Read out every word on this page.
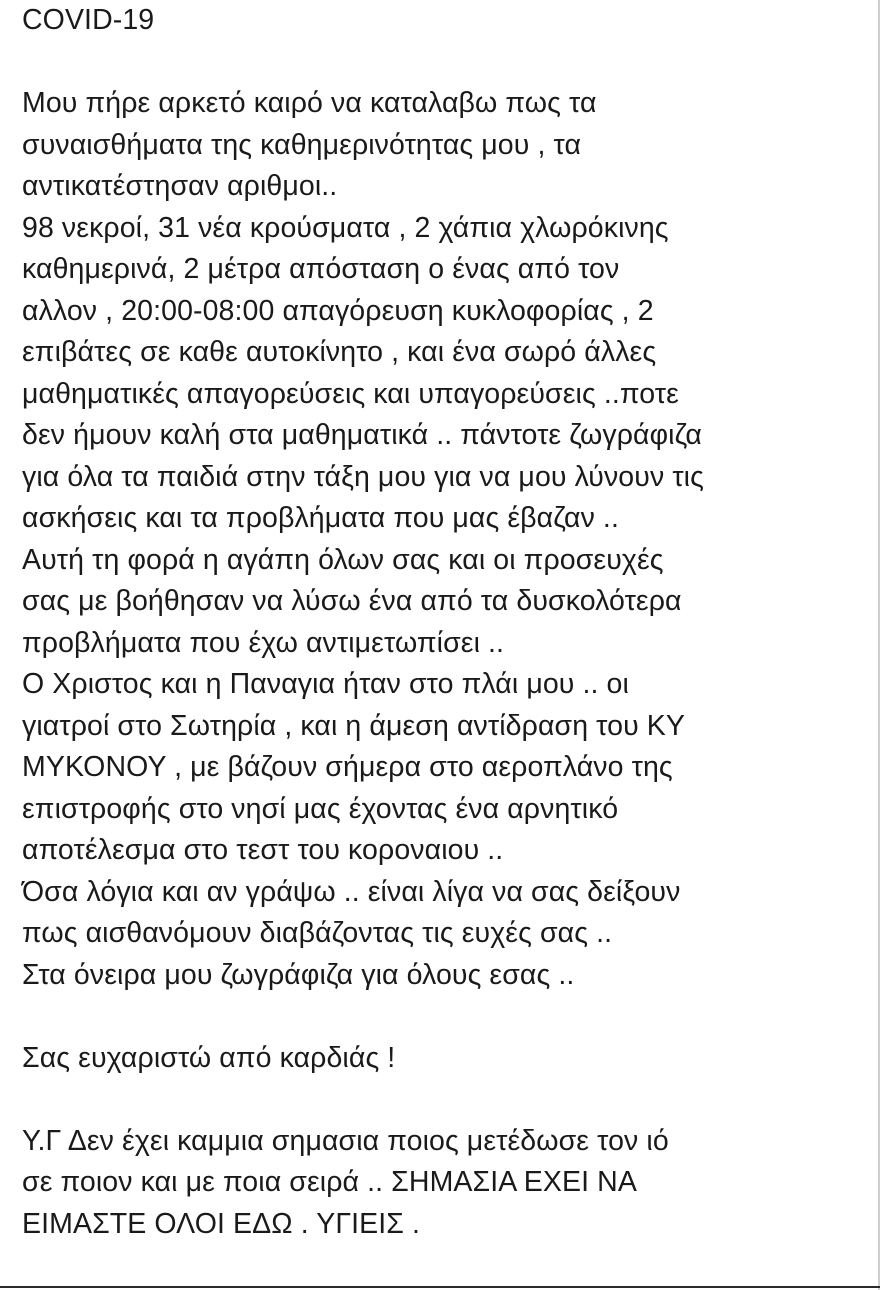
COVID-19
Μου πήρε αρκετό καιρό να καταλαβω πως τα
συναισθήματα της καθημερινότητας μου , τα
αντικατέστησαν αριθμοι..
98 νεκροί, 31 νέα κρούσματα , 2 χάπια χλωρόκινης
καθημερινά, 2 μέτρα απόσταση ο ένας από τον
αλλον , 20:00-08:00 απαγόρευση κυκλοφορίας , 2
επιβάτες σε καθε αυτοκίνητο , και ένα σωρό άλλες
μαθηματικές απαγορεύσεις και υπαγορεύσεις ..ποτε
δεν ήμουν καλή στα μαθηματικά .. πάντοτε ζωγράφιζα
για όλα τα παιδιά στην τάξη μου για να μου λύνουν τις
ασκήσεις και τα προβλήματα που μας έβαζαν ..
Αυτή τη φορά η αγάπη όλων σας και οι προσευχές
σας με βοήθησαν να λύσω ένα από τα δυσκολότερα
προβλήματα που έχω αντιμετωπίσει ..
Ο Χριστος και η Παναγια ήταν στο πλάι μου .. οι
γιατροί στο Σωτηρία , και η άμεση αντίδραση του ΚΥ
ΜΥΚΟΝΟΥ , με βάζουν σήμερα στο αεροπλάνο της
επιστροφής στο νησί μας έχοντας ένα αρνητικό
αποτέλεσμα στο τεστ του κοροναιου ..
Όσα λόγια και αν γράψω .. είναι λίγα να σας δείξουν
πως αισθανόμουν διαβάζοντας τις ευχές σας ..
Στα όνειρα μου ζωγράφιζα για όλους εσας ..
Σας ευχαριστώ από καρδιάς !
Υ.Γ Δεν έχει καμμια σημασια ποιος μετέδωσε τον ιό
σε ποιον και με ποια σειρά .. ΣΗΜΑΣΙΑ ΕΧΕΙ ΝΑ
ΕΙΜΑΣΤΕ ΟΛΟΙ ΕΔΩ . ΥΓΙΕΙΣ .
